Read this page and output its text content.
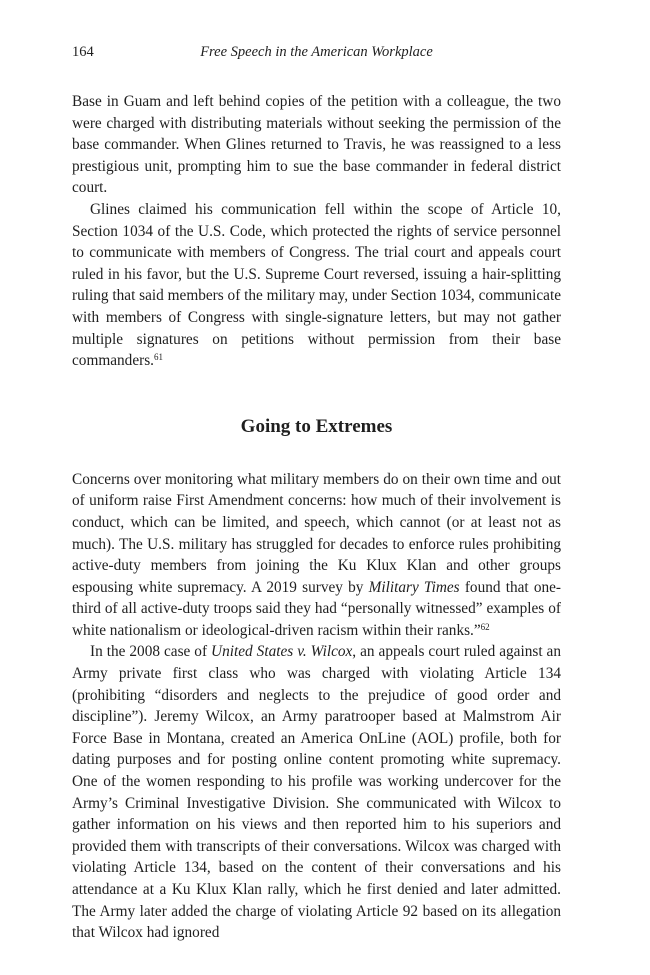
164	Free Speech in the American Workplace

Base in Guam and left behind copies of the petition with a colleague, the two were charged with distributing materials without seeking the permission of the base commander. When Glines returned to Travis, he was reassigned to a less prestigious unit, prompting him to sue the base commander in federal district court.

Glines claimed his communication fell within the scope of Article 10, Section 1034 of the U.S. Code, which protected the rights of service personnel to communicate with members of Congress. The trial court and appeals court ruled in his favor, but the U.S. Supreme Court reversed, issuing a hair-splitting ruling that said members of the military may, under Section 1034, communicate with members of Congress with single-signature letters, but may not gather multiple signatures on petitions without permission from their base commanders.$^{61}$

Going to Extremes

Concerns over monitoring what military members do on their own time and out of uniform raise First Amendment concerns: how much of their involvement is conduct, which can be limited, and speech, which cannot (or at least not as much). The U.S. military has struggled for decades to enforce rules prohibiting active-duty members from joining the Ku Klux Klan and other groups espousing white supremacy. A 2019 survey by Military Times found that one-third of all active-duty troops said they had “personally witnessed” examples of white nationalism or ideological-driven racism within their ranks.”$^{62}$

In the 2008 case of United States v. Wilcox, an appeals court ruled against an Army private first class who was charged with violating Article 134 (prohibiting “disorders and neglects to the prejudice of good order and discipline”). Jeremy Wilcox, an Army paratrooper based at Malmstrom Air Force Base in Montana, created an America OnLine (AOL) profile, both for dating purposes and for posting online content promoting white supremacy. One of the women responding to his profile was working undercover for the Army’s Criminal Investigative Division. She communicated with Wilcox to gather information on his views and then reported him to his superiors and provided them with transcripts of their conversations. Wilcox was charged with violating Article 134, based on the content of their conversations and his attendance at a Ku Klux Klan rally, which he first denied and later admitted. The Army later added the charge of violating Article 92 based on its allegation that Wilcox had ignored
